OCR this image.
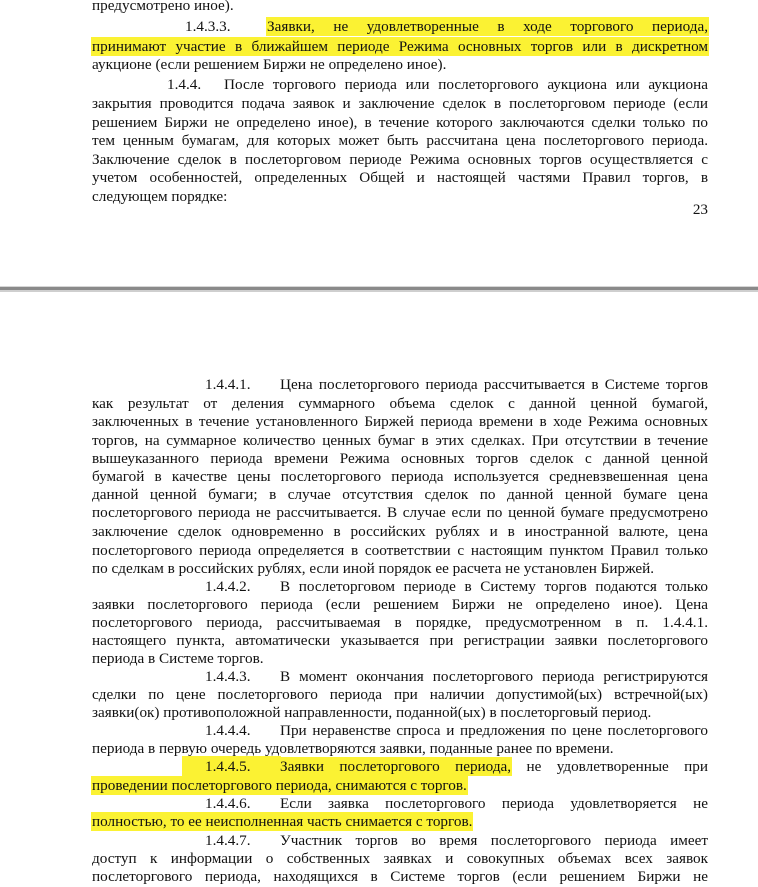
предусмотрено иное).
1.4.3.3. Заявки, не удовлетворенные в ходе торгового периода,
принимают участие в ближайшем периоде Режима основных торгов или в дискретном
аукционе (если решением Биржи не определено иное).
1.4.4. После торгового периода или послеторгового аукциона или аукциона
закрытия проводится подача заявок и заключение сделок в послеторговом периоде (если
решением Биржи не определено иное), в течение которого заключаются сделки только по
тем ценным бумагам, для которых может быть рассчитана цена послеторгового периода.
Заключение сделок в послеторговом периоде Режима основных торгов осуществляется с
учетом особенностей, определенных Общей и настоящей частями Правил торгов, в
следующем порядке:
23
1.4.4.1. Цена послеторгового периода рассчитывается в Системе торгов
как результат от деления суммарного объема сделок с данной ценной бумагой,
заключенных в течение установленного Биржей периода времени в ходе Режима основных
торгов, на суммарное количество ценных бумаг в этих сделках. При отсутствии в течение
вышеуказанного периода времени Режима основных торгов сделок с данной ценной
бумагой в качестве цены послеторгового периода используется средневзвешенная цена
данной ценной бумаги; в случае отсутствия сделок по данной ценной бумаге цена
послеторгового периода не рассчитывается. В случае если по ценной бумаге предусмотрено
заключение сделок одновременно в российских рублях и в иностранной валюте, цена
послеторгового периода определяется в соответствии с настоящим пунктом Правил только
по сделкам в российских рублях, если иной порядок ее расчета не установлен Биржей.
1.4.4.2. В послеторговом периоде в Систему торгов подаются только
заявки послеторгового периода (если решением Биржи не определено иное). Цена
послеторгового периода, рассчитываемая в порядке, предусмотренном в п. 1.4.4.1.
настоящего пункта, автоматически указывается при регистрации заявки послеторгового
периода в Системе торгов.
1.4.4.3. В момент окончания послеторгового периода регистрируются
сделки по цене послеторгового периода при наличии допустимой(ых) встречной(ых)
заявки(ок) противоположной направленности, поданной(ых) в послеторговый период.
1.4.4.4. При неравенстве спроса и предложения по цене послеторгового
периода в первую очередь удовлетворяются заявки, поданные ранее по времени.
1.4.4.5. Заявки послеторгового периода, не удовлетворенные при
проведении послеторгового периода, снимаются с торгов.
1.4.4.6. Если заявка послеторгового периода удовлетворяется не
полностью, то ее неисполненная часть снимается с торгов.
1.4.4.7. Участник торгов во время послеторгового периода имеет
доступ к информации о собственных заявках и совокупных объемах всех заявок
послеторгового периода, находящихся в Системе торгов (если решением Биржи не
